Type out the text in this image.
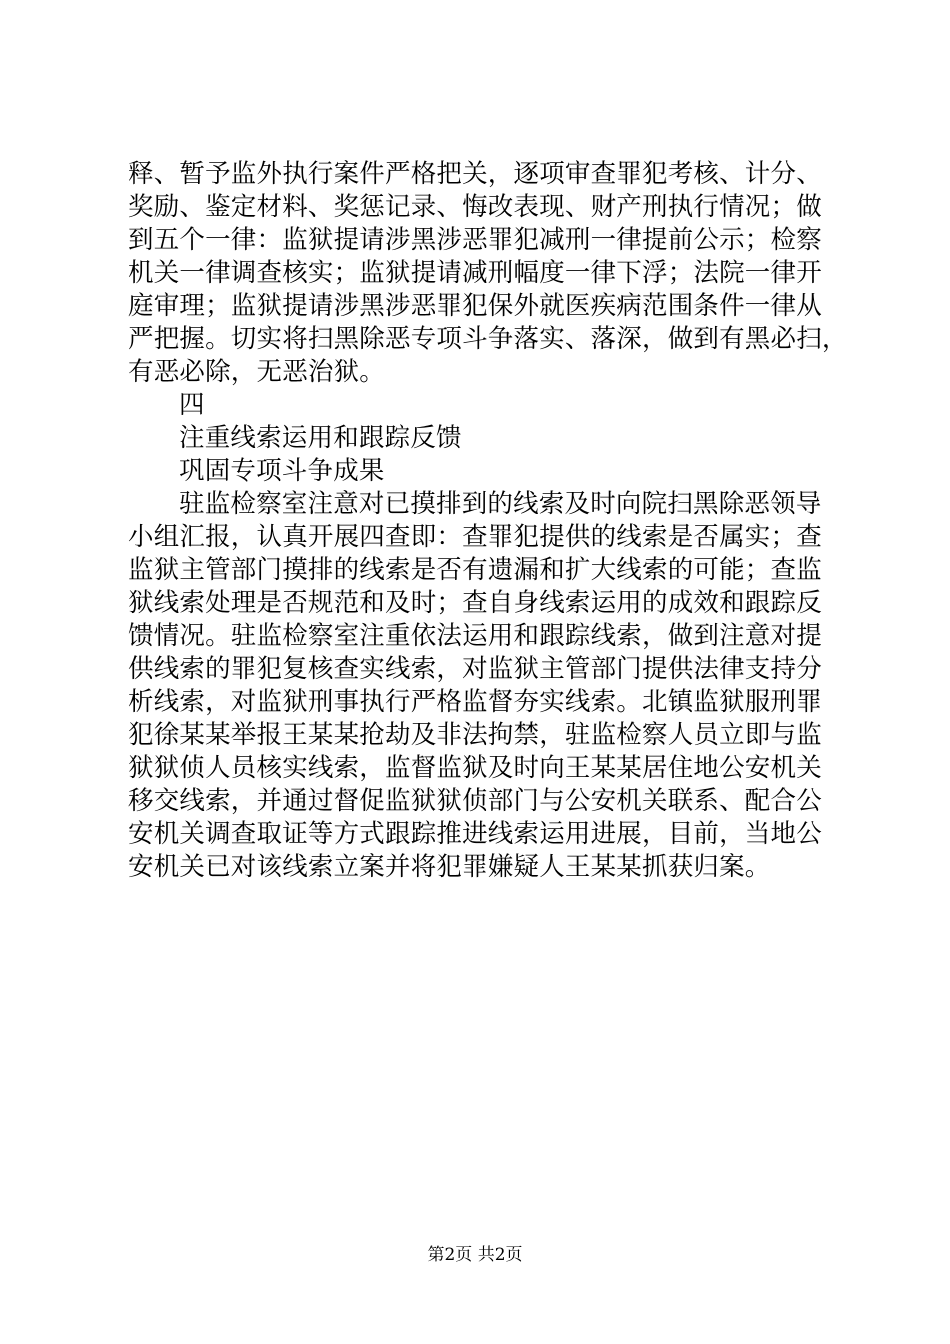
释、暂予监外执行案件严格把关，逐项审查罪犯考核、计分、
奖励、鉴定材料、奖惩记录、悔改表现、财产刑执行情况；做
到五个一律：监狱提请涉黑涉恶罪犯减刑一律提前公示；检察
机关一律调查核实；监狱提请减刑幅度一律下浮；法院一律开
庭审理；监狱提请涉黑涉恶罪犯保外就医疾病范围条件一律从
严把握。切实将扫黑除恶专项斗争落实、落深，做到有黑必扫，
有恶必除，无恶治狱。
四
注重线索运用和跟踪反馈
巩固专项斗争成果
驻监检察室注意对已摸排到的线索及时向院扫黑除恶领导
小组汇报，认真开展四查即：查罪犯提供的线索是否属实；查
监狱主管部门摸排的线索是否有遗漏和扩大线索的可能；查监
狱线索处理是否规范和及时；查自身线索运用的成效和跟踪反
馈情况。驻监检察室注重依法运用和跟踪线索，做到注意对提
供线索的罪犯复核查实线索，对监狱主管部门提供法律支持分
析线索，对监狱刑事执行严格监督夯实线索。北镇监狱服刑罪
犯徐某某举报王某某抢劫及非法拘禁，驻监检察人员立即与监
狱狱侦人员核实线索，监督监狱及时向王某某居住地公安机关
移交线索，并通过督促监狱狱侦部门与公安机关联系、配合公
安机关调查取证等方式跟踪推进线索运用进展，目前，当地公
安机关已对该线索立案并将犯罪嫌疑人王某某抓获归案。
第2页 共2页
